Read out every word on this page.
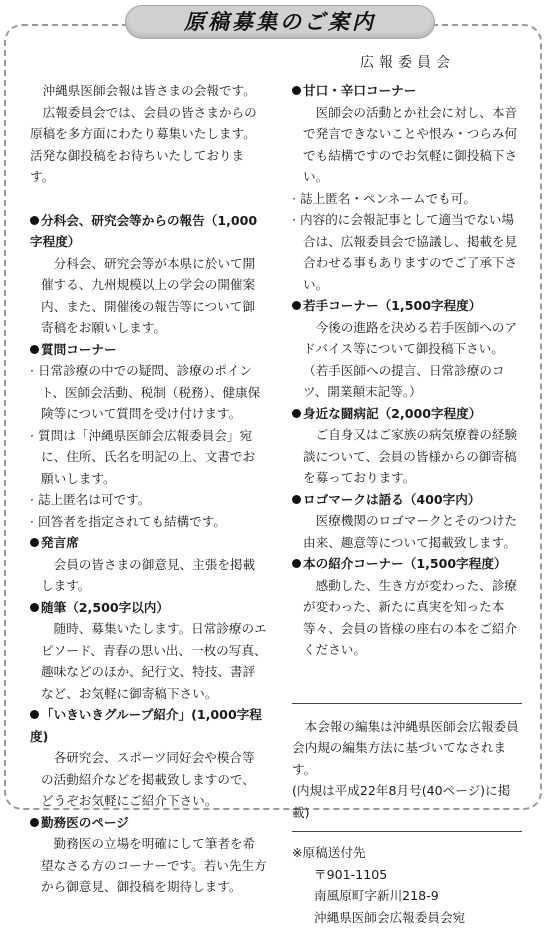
原稿募集のご案内
広報委員会

沖縄県医師会報は皆さまの会報です。

広報委員会では、会員の皆さまからの原稿を多方面にわたり募集いたします。活発な御投稿をお待ちいたしております。

分科会、研究会等からの報告（1,000字程度）

分科会、研究会等が本県に於いて開催する、九州規模以上の学会の開催案内、また、開催後の報告等について御寄稿をお願いします。

質問コーナー

· 日常診療の中での疑問、診療のポイント、医師会活動、税制（税務）、健康保険等について質問を受け付けます。

· 質問は「沖縄県医師会広報委員会」宛に、住所、氏名を明記の上、文書でお願いします。

· 誌上匿名は可です。

· 回答者を指定されても結構です。

発言席

会員の皆さまの御意見、主張を掲載します。

随筆（2,500字以内）

随時、募集いたします。日常診療のエピソード、青春の思い出、一枚の写真、趣味などのほか、紀行文、特技、書評など、お気軽に御寄稿下さい。

「いきいきグループ紹介」(1,000字程度)

各研究会、スポーツ同好会や模合等の活動紹介などを掲載致しますので、どうぞお気軽にご紹介下さい。

勤務医のページ

勤務医の立場を明確にして筆者を希望なさる方のコーナーです。若い先生方から御意見、御投稿を期待します。

甘口・辛口コーナー

医師会の活動とか社会に対し、本音で発言できないことや恨み・つらみ何でも結構ですのでお気軽に御投稿下さい。

· 誌上匿名・ペンネームでも可。

· 内容的に会報記事として適当でない場合は、広報委員会で協議し、掲載を見合わせる事もありますのでご了承下さい。

若手コーナー（1,500字程度）

今後の進路を決める若手医師へのアドバイス等について御投稿下さい。（若手医師への提言、日常診療のコツ、開業顛末記等。）

身近な闘病記（2,000字程度）

ご自身又はご家族の病気療養の経験談について、会員の皆様からの御寄稿を募っております。

ロゴマークは語る（400字内）

医療機関のロゴマークとそのつけた由来、趣意等について掲載致します。

本の紹介コーナー（1,500字程度）

感動した、生き方が変わった、診療が変わった、新たに真実を知った本等々、会員の皆様の座右の本をご紹介ください。

本会報の編集は沖縄県医師会広報委員会内規の編集方法に基づいてなされます。

(内規は平成22年8月号(40ページ)に掲載)

※原稿送付先

〒901-1105

南風原町字新川218-9

沖縄県医師会広報委員会宛
